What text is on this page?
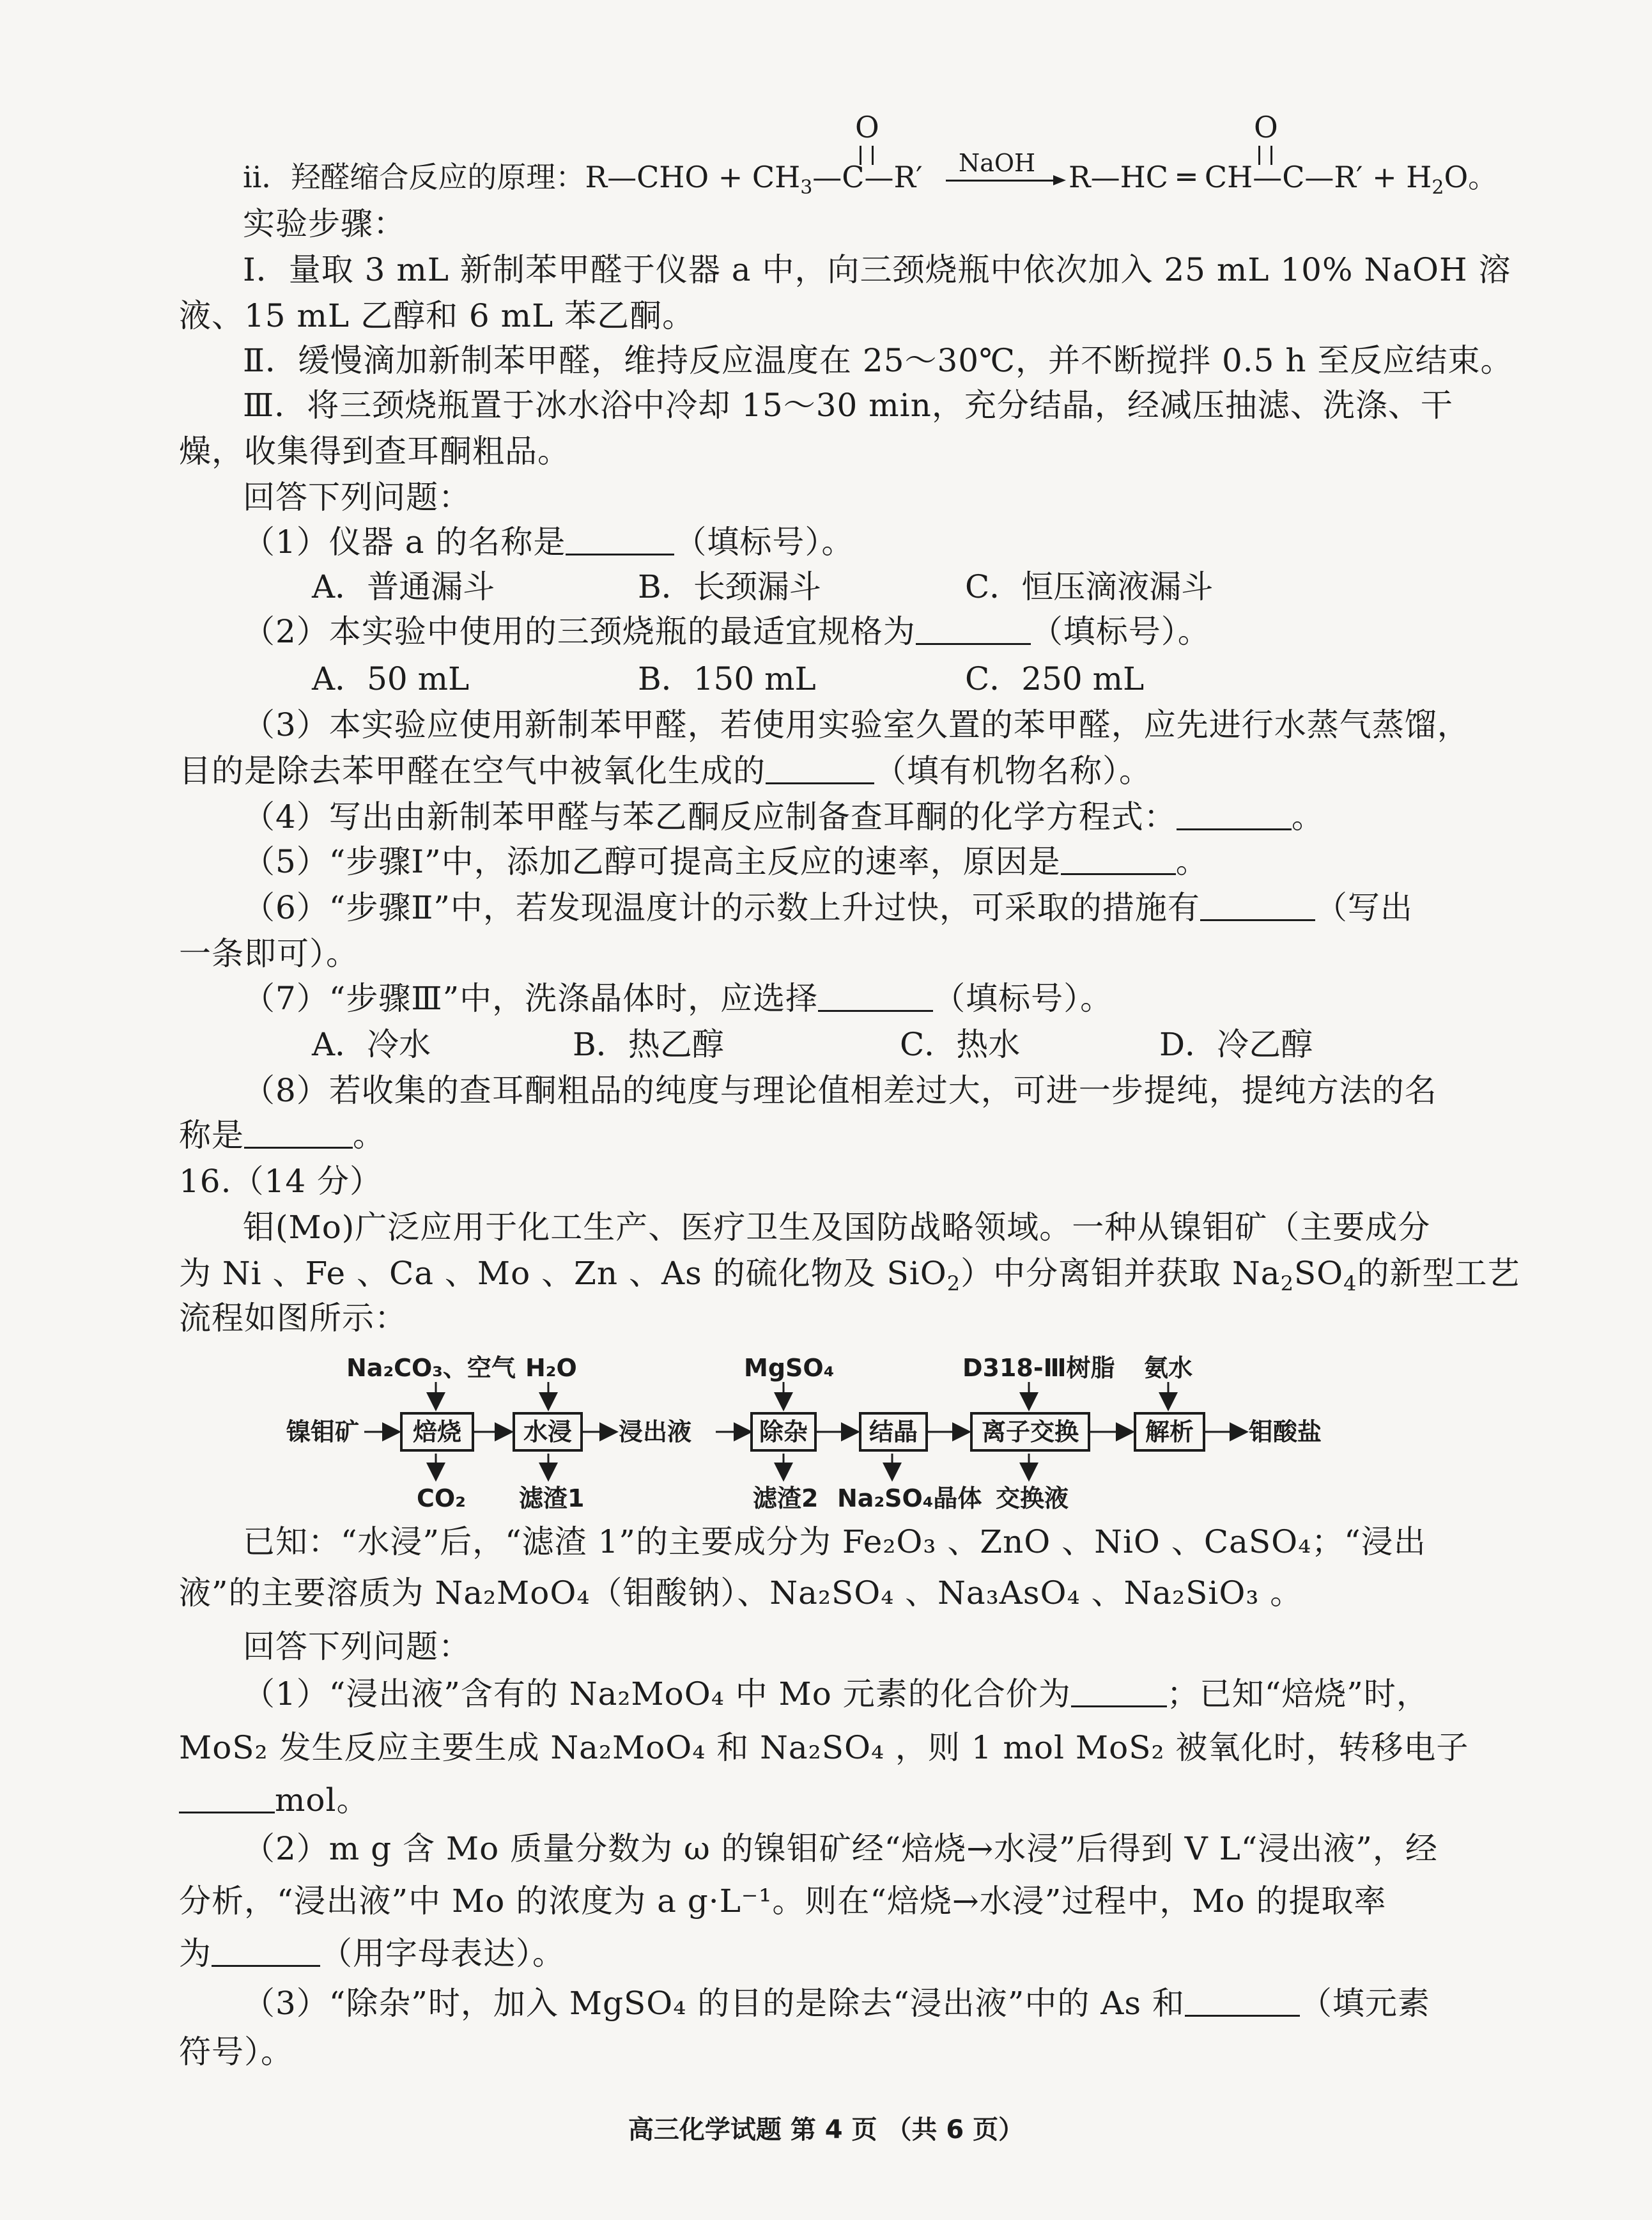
ⅱ．羟醛缩合反应的原理：R—CHO + $CH_3—C—R'$
O
NaOH R—HC ═ CH—C—R′ + $H_2O$。
O
实验步骤：
Ⅰ．量取 3 mL 新制苯甲醛于仪器 a 中，向三颈烧瓶中依次加入 25 mL 10% NaOH 溶
液、15 mL 乙醇和 6 mL 苯乙酮。
Ⅱ．缓慢滴加新制苯甲醛，维持反应温度在 25～30℃，并不断搅拌 0.5 h 至反应结束。
Ⅲ．将三颈烧瓶置于冰水浴中冷却 15～30 min，充分结晶，经减压抽滤、洗涤、干
燥，收集得到查耳酮粗品。
回答下列问题：
（1）仪器 a 的名称是	（填标号）。
A．普通漏斗	B．长颈漏斗	C．恒压滴液漏斗
（2）本实验中使用的三颈烧瓶的最适宜规格为	（填标号）。
A．50 mL	B．150 mL	C．250 mL
（3）本实验应使用新制苯甲醛，若使用实验室久置的苯甲醛，应先进行水蒸气蒸馏，
目的是除去苯甲醛在空气中被氧化生成的	（填有机物名称）。
（4）写出由新制苯甲醛与苯乙酮反应制备查耳酮的化学方程式：	。
（5）“步骤Ⅰ”中，添加乙醇可提高主反应的速率，原因是	。
（6）“步骤Ⅱ”中，若发现温度计的示数上升过快，可采取的措施有	（写出
一条即可）。
（7）“步骤Ⅲ”中，洗涤晶体时，应选择	（填标号）。
A．冷水	B．热乙醇	C．热水	D．冷乙醇
（8）若收集的查耳酮粗品的纯度与理论值相差过大，可进一步提纯，提纯方法的名
称是	。
16.（14 分）
钼(Mo)广泛应用于化工生产、医疗卫生及国防战略领域。一种从镍钼矿（主要成分
为 Ni 、Fe 、Ca 、Mo 、Zn 、As 的硫化物及 SiO$_2$）中分离钼并获取 $Na_2SO_4$的新型工艺
流程如图所示：
镍钼矿	焙烧	水浸	浸出液	除杂	结晶	离子交换	解析	钼酸盐
Na₂CO₃、空气 H₂O	MgSO₄	D318-Ⅲ树脂 氨水
CO₂ 滤渣1	滤渣2 Na₂SO₄晶体 交换液
已知：“水浸”后，“滤渣 1”的主要成分为 Fe₂O₃ 、ZnO 、NiO 、CaSO₄；“浸出
液”的主要溶质为 Na₂MoO₄（钼酸钠）、Na₂SO₄ 、Na₃AsO₄ 、Na₂SiO₃ 。
回答下列问题：
（1）“浸出液”含有的 Na₂MoO₄ 中 Mo 元素的化合价为	；已知“焙烧”时，
MoS₂ 发生反应主要生成 Na₂MoO₄ 和 Na₂SO₄ ，则 1 mol MoS₂ 被氧化时，转移电子
mol。
（2）m g 含 Mo 质量分数为 ω 的镍钼矿经“焙烧→水浸”后得到 V L“浸出液”，经
分析，“浸出液”中 Mo 的浓度为 a g·L⁻¹。则在“焙烧→水浸”过程中，Mo 的提取率
为	（用字母表达）。
（3）“除杂”时，加入 MgSO₄ 的目的是除去“浸出液”中的 As 和	（填元素
符号）。
高三化学试题 第 4 页 （共 6 页）
